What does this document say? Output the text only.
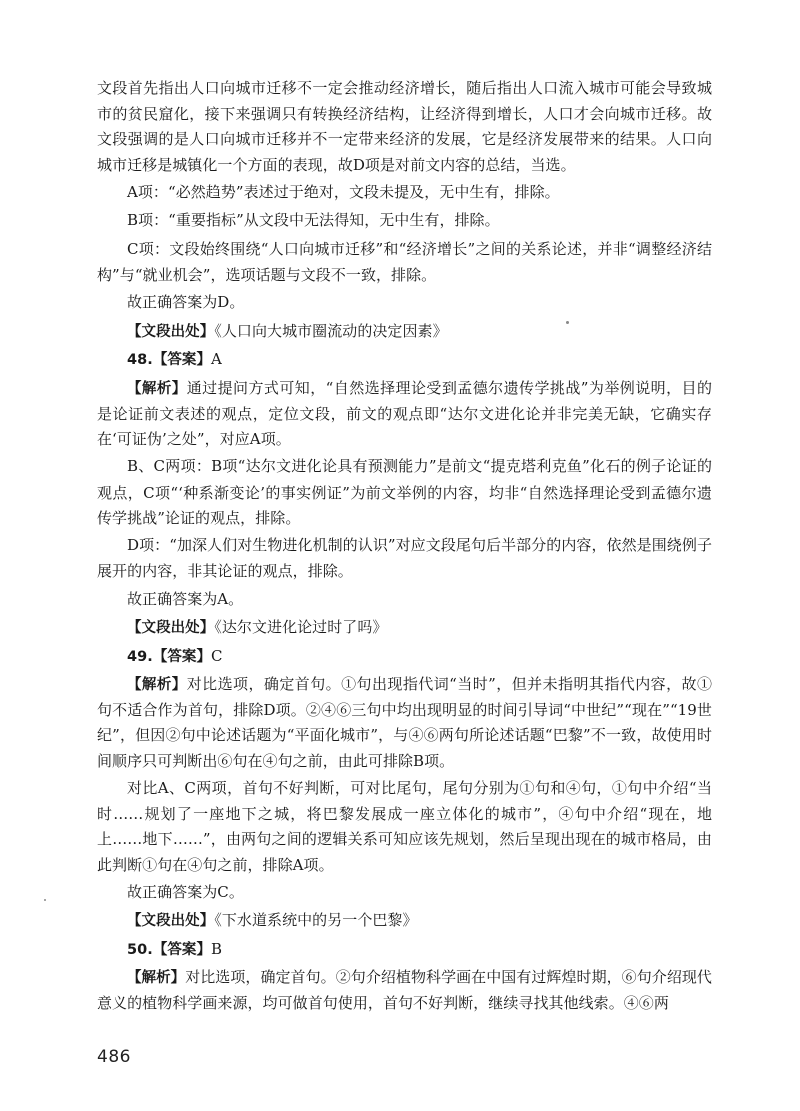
文段首先指出人口向城市迁移不一定会推动经济增长，随后指出人口流入城市可能会导致城市的贫民窟化，接下来强调只有转换经济结构，让经济得到增长，人口才会向城市迁移。故文段强调的是人口向城市迁移并不一定带来经济的发展，它是经济发展带来的结果。人口向城市迁移是城镇化一个方面的表现，故D项是对前文内容的总结，当选。

A项：“必然趋势”表述过于绝对，文段未提及，无中生有，排除。

B项：“重要指标”从文段中无法得知，无中生有，排除。

C项：文段始终围绕“人口向城市迁移”和“经济增长”之间的关系论述，并非“调整经济结构”与“就业机会”，选项话题与文段不一致，排除。

故正确答案为D。

【文段出处】《人口向大城市圈流动的决定因素》

48.【答案】A

【解析】通过提问方式可知，“自然选择理论受到孟德尔遗传学挑战”为举例说明，目的是论证前文表述的观点，定位文段，前文的观点即“达尔文进化论并非完美无缺，它确实存在‘可证伪’之处”，对应A项。

B、C两项：B项“达尔文进化论具有预测能力”是前文“提克塔利克鱼”化石的例子论证的观点，C项“‘种系渐变论’的事实例证”为前文举例的内容，均非“自然选择理论受到孟德尔遗传学挑战”论证的观点，排除。

D项：“加深人们对生物进化机制的认识”对应文段尾句后半部分的内容，依然是围绕例子展开的内容，非其论证的观点，排除。

故正确答案为A。

【文段出处】《达尔文进化论过时了吗》

49.【答案】C

【解析】对比选项，确定首句。①句出现指代词“当时”，但并未指明其指代内容，故①句不适合作为首句，排除D项。②④⑥三句中均出现明显的时间引导词“中世纪”“现在”“19世纪”，但因②句中论述话题为“平面化城市”，与④⑥两句所论述话题“巴黎”不一致，故使用时间顺序只可判断出⑥句在④句之前，由此可排除B项。

对比A、C两项，首句不好判断，可对比尾句，尾句分别为①句和④句，①句中介绍“当时……规划了一座地下之城，将巴黎发展成一座立体化的城市”，④句中介绍“现在，地上……地下……”，由两句之间的逻辑关系可知应该先规划，然后呈现出现在的城市格局，由此判断①句在④句之前，排除A项。

故正确答案为C。

【文段出处】《下水道系统中的另一个巴黎》

50.【答案】B

【解析】对比选项，确定首句。②句介绍植物科学画在中国有过辉煌时期，⑥句介绍现代意义的植物科学画来源，均可做首句使用，首句不好判断，继续寻找其他线索。④⑥两

486
